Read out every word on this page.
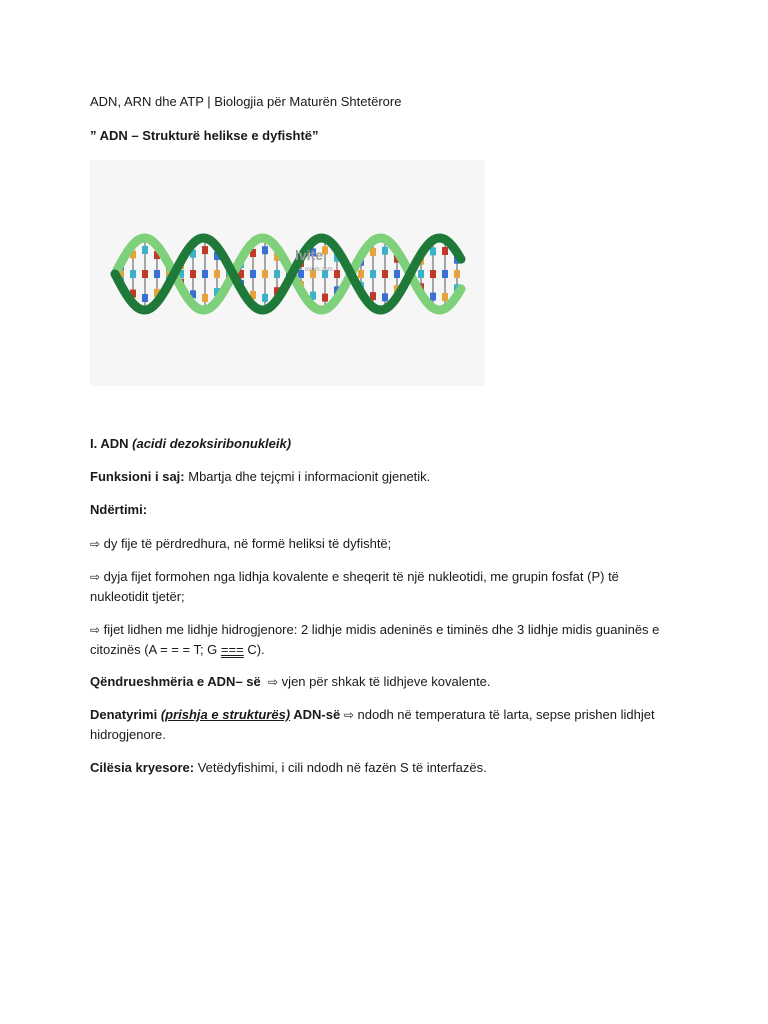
ADN, ARN dhe ATP | Biologjia për Maturën Shtetërore

” ADN – Strukturë helikse e dyfishtë”

lvite
ovpm.com

I. ADN (acidi dezoksiribonukleik)

Funksioni i saj: Mbartja dhe tejçmi i informacionit gjenetik.

Ndërtimi:

⇨ dy fije të përdredhura, në formë heliksi të dyfishtë;

⇨ dyja fijet formohen nga lidhja kovalente e sheqerit të një nukleotidi, me grupin fosfat (P) të nukleotidit tjetër;

⇨ fijet lidhen me lidhje hidrogjenore: 2 lidhje midis adeninës e timinës dhe 3 lidhje midis guaninës e citozinës (A = = = T; G === C).

Qëndrueshmëria e ADN– së ⇨ vjen për shkak të lidhjeve kovalente.

Denatyrimi (prishja e strukturës) ADN-së ⇨ ndodh në temperatura të larta, sepse prishen lidhjet hidrogjenore.

Cilësia kryesore: Vetëdyfishimi, i cili ndodh në fazën S të interfazës.
